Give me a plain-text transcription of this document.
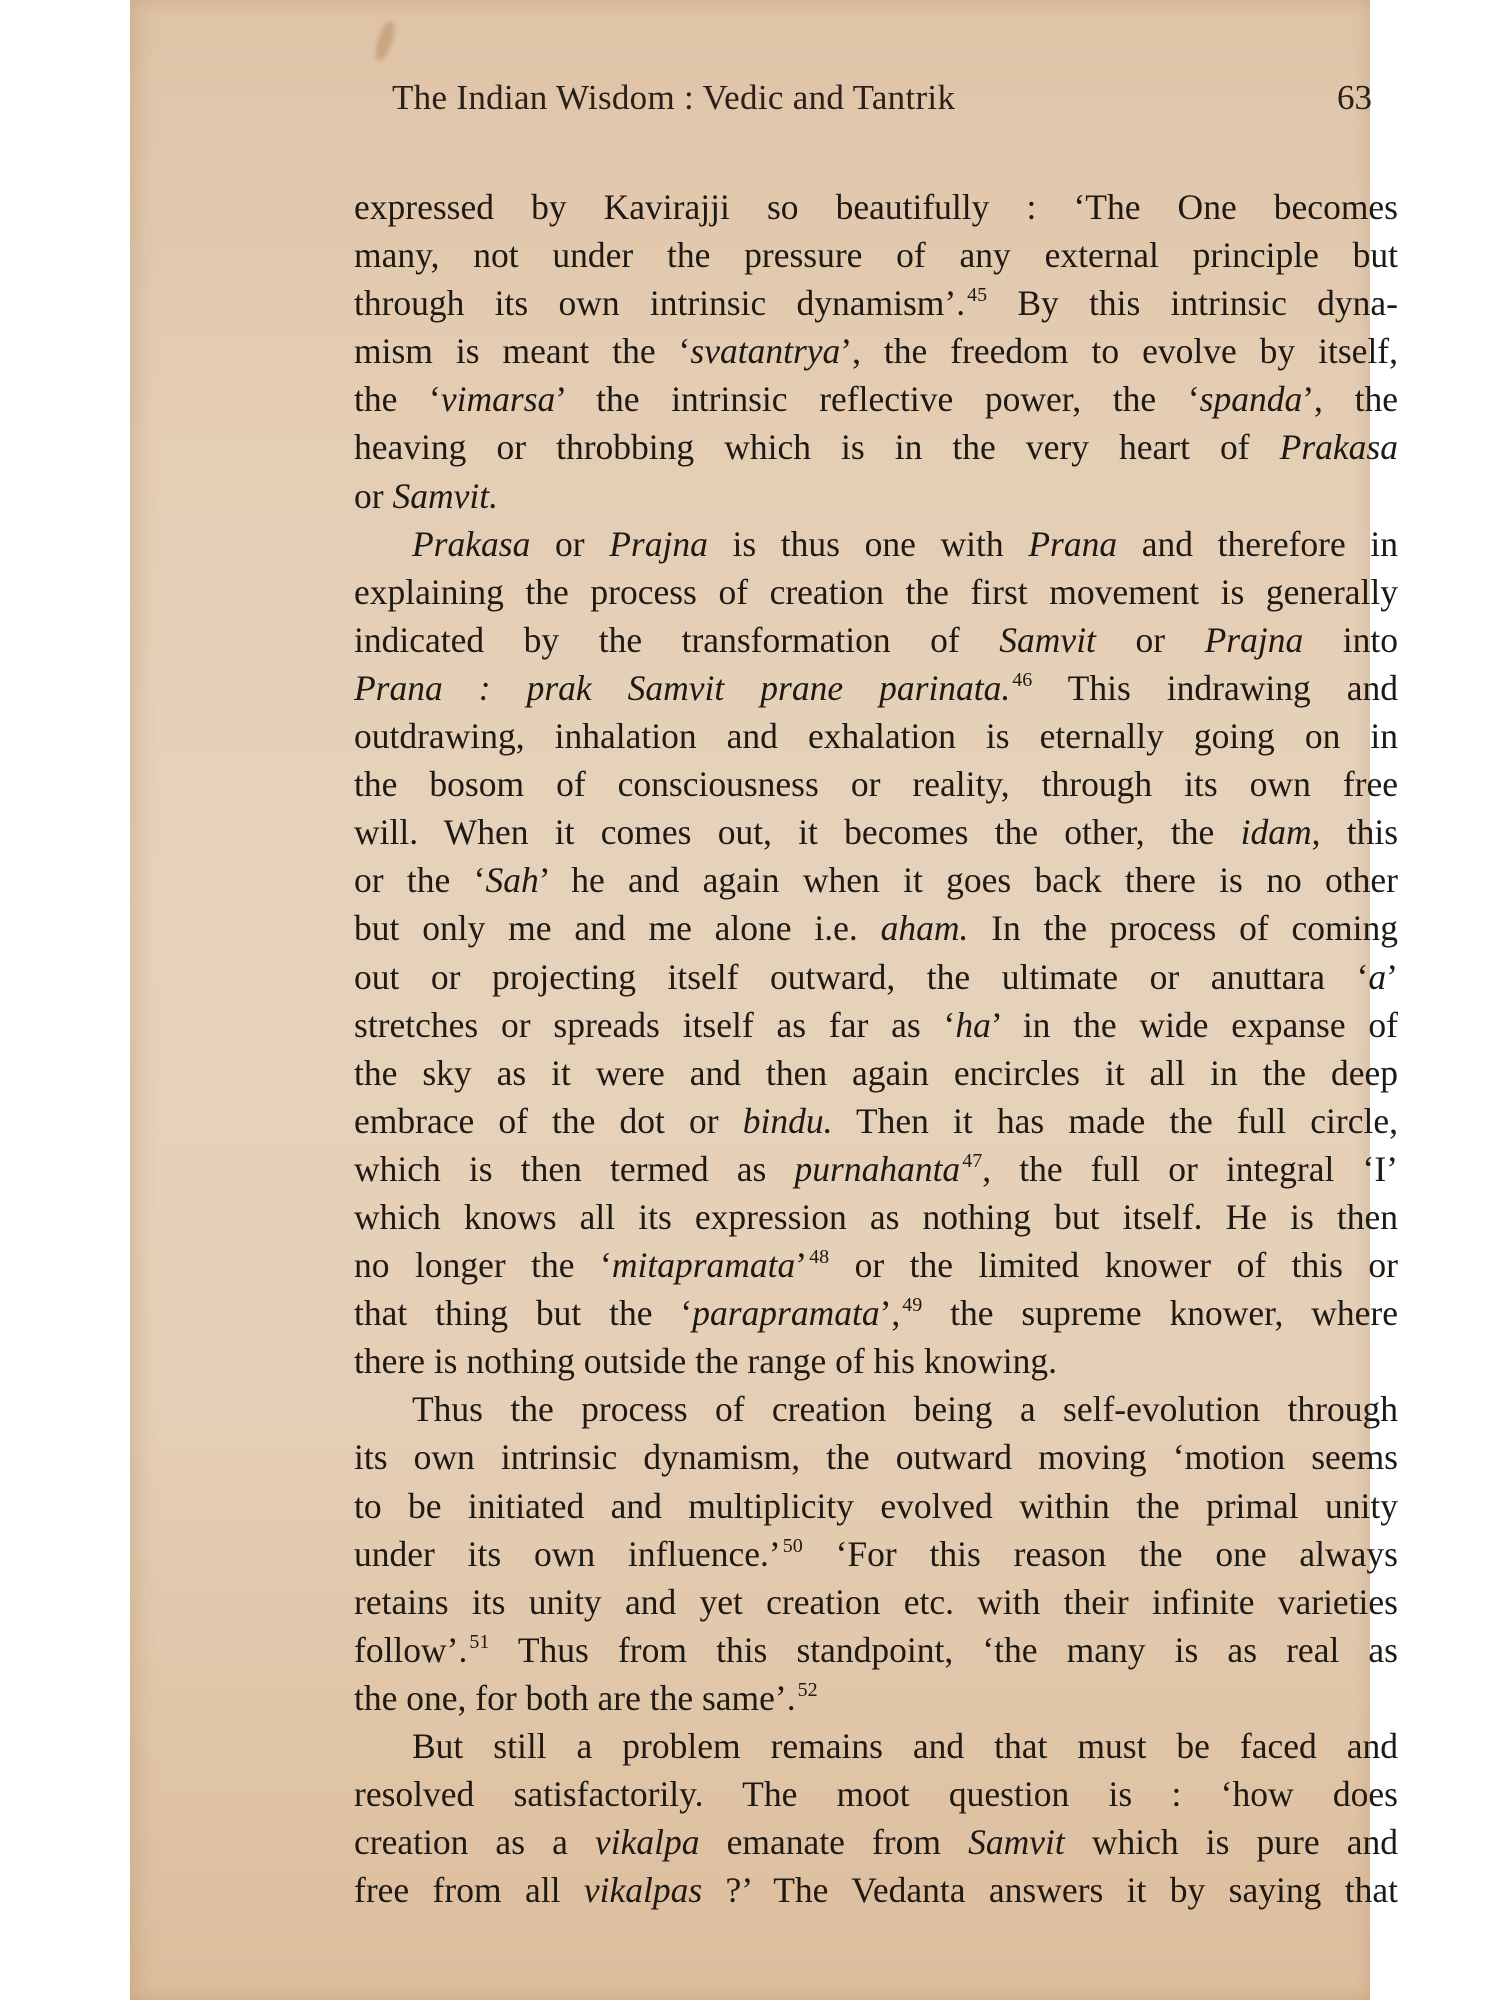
The Indian Wisdom : Vedic and Tantrik	63
expressed by Kavirajji so beautifully : ‘The One becomes
many, not under the pressure of any external principle but
through its own intrinsic dynamism’. $^{45}$ By this intrinsic dyna-
mism is meant the ‘svatantrya’, the freedom to evolve by itself,
the ‘vimarsa’ the intrinsic reflective power, the ‘spanda’, the
heaving or throbbing which is in the very heart of Prakasa
or Samvit.
Prakasa or Prajna is thus one with Prana and therefore in
explaining the process of creation the first movement is generally
indicated by the transformation of Samvit or Prajna into
Prana : prak Samvit prane parinata. $^{46}$ This indrawing and
outdrawing, inhalation and exhalation is eternally going on in
the bosom of consciousness or reality, through its own free
will. When it comes out, it becomes the other, the idam, this
or the ‘Sah’ he and again when it goes back there is no other
but only me and me alone i.e. aham. In the process of coming
out or projecting itself outward, the ultimate or anuttara ‘a’
stretches or spreads itself as far as ‘ha’ in the wide expanse of
the sky as it were and then again encircles it all in the deep
embrace of the dot or bindu. Then it has made the full circle,
which is then termed as purnahanta $^{47}$, the full or integral ‘I’
which knows all its expression as nothing but itself. He is then
no longer the ‘mitapramata’ $^{48}$ or the limited knower of this or
that thing but the ‘parapramata’, $^{49}$ the supreme knower, where
there is nothing outside the range of his knowing.
Thus the process of creation being a self-evolution through
its own intrinsic dynamism, the outward moving ‘motion seems
to be initiated and multiplicity evolved within the primal unity
under its own influence.’ $^{50}$ ‘For this reason the one always
retains its unity and yet creation etc. with their infinite varieties
follow’. $^{51}$ Thus from this standpoint, ‘the many is as real as
the one, for both are the same’. $^{52}$
But still a problem remains and that must be faced and
resolved satisfactorily. The moot question is : ‘how does
creation as a vikalpa emanate from Samvit which is pure and
free from all vikalpas ?’ The Vedanta answers it by saying that
